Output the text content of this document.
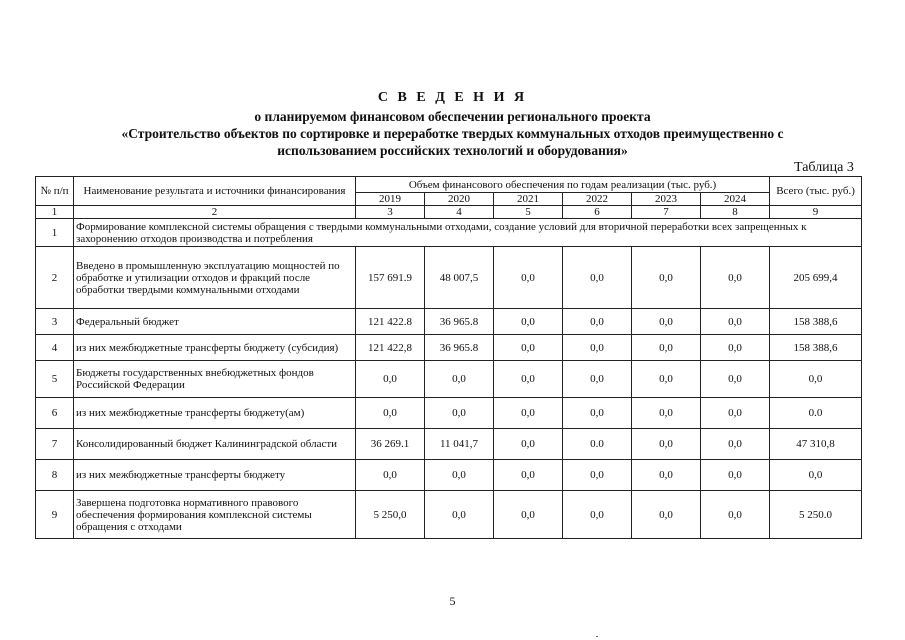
С В Е Д Е Н И Я
о планируемом финансовом обеспечении регионального проекта
«Строительство объектов по сортировке и переработке твердых коммунальных отходов преимущественно с
использованием российских технологий и оборудования»
Таблица 3
№ п/п	Наименование результата и источники финансирования	Объем финансового обеспечения по годам реализации (тыс. руб.)						Всего (тыс. руб.)
		2019	2020	2021	2022	2023	2024	
1	2	3	4	5	6	7	8	9
1	Формирование комплексной системы обращения с твердыми коммунальными отходами, создание условий для вторичной переработки всех запрещенных к захоронению отходов производства и потребления							
2	Введено в промышленную эксплуатацию мощностей по обработке и утилизации отходов и фракций после обработки твердыми коммунальными отходами	157 691.9	48 007,5	0,0	0,0	0,0	0,0	205 699,4
3	Федеральный бюджет	121 422.8	36 965.8	0,0	0,0	0,0	0,0	158 388,6
4	из них межбюджетные трансферты бюджету (субсидия)	121 422,8	36 965.8	0,0	0,0	0,0	0,0	158 388,6
5	Бюджеты государственных внебюджетных фондов Российской Федерации	0,0	0,0	0,0	0,0	0,0	0,0	0,0
6	из них межбюджетные трансферты бюджету(ам)	0,0	0,0	0,0	0,0	0,0	0,0	0.0
7	Консолидированный бюджет Калининградской области	36 269.1	11 041,7	0,0	0.0	0,0	0,0	47 310,8
8	из них межбюджетные трансферты бюджету	0,0	0,0	0,0	0,0	0,0	0,0	0,0
9	Завершена подготовка нормативного правового обеспечения формирования комплексной системы обращения с отходами	5 250,0	0,0	0,0	0,0	0,0	0,0	5 250.0
5
